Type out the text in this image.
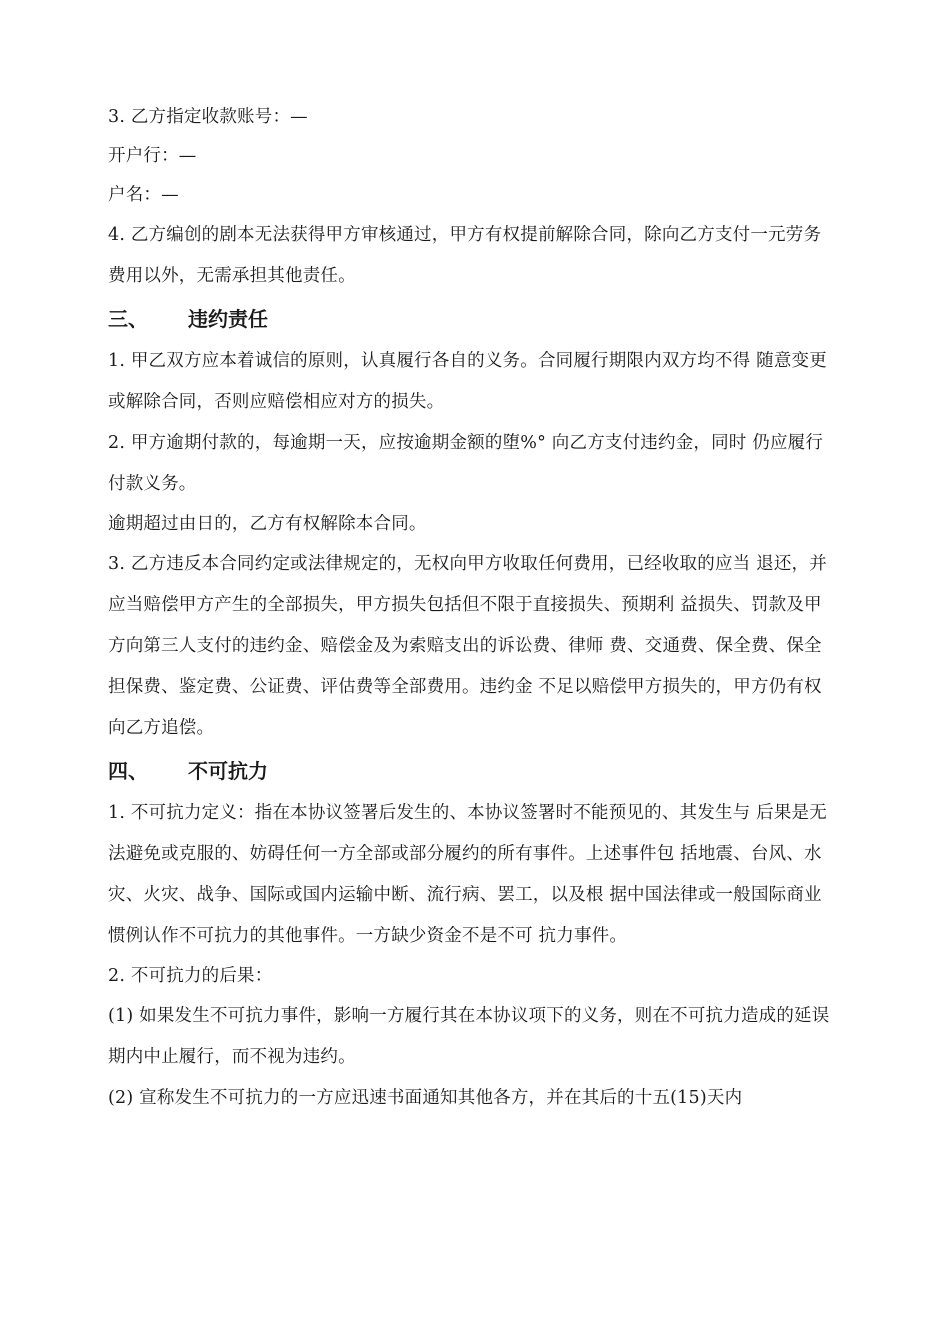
3. 乙方指定收款账号：—

开户行：—

户名：—

4. 乙方编创的剧本无法获得甲方审核通过，甲方有权提前解除合同，除向乙方支付一元劳务费用以外，无需承担其他责任。

三、	违约责任

1. 甲乙双方应本着诚信的原则，认真履行各自的义务。合同履行期限内双方均不得 随意变更或解除合同，否则应赔偿相应对方的损失。

2. 甲方逾期付款的，每逾期一天，应按逾期金额的堕%° 向乙方支付违约金，同时 仍应履行付款义务。

逾期超过由日的，乙方有权解除本合同。

3. 乙方违反本合同约定或法律规定的，无权向甲方收取任何费用，已经收取的应当 退还，并应当赔偿甲方产生的全部损失，甲方损失包括但不限于直接损失、预期利 益损失、罚款及甲方向第三人支付的违约金、赔偿金及为索赔支出的诉讼费、律师 费、交通费、保全费、保全担保费、鉴定费、公证费、评估费等全部费用。违约金 不足以赔偿甲方损失的，甲方仍有权向乙方追偿。

四、	不可抗力

1. 不可抗力定义：指在本协议签署后发生的、本协议签署时不能预见的、其发生与 后果是无法避免或克服的、妨碍任何一方全部或部分履约的所有事件。上述事件包 括地震、台风、水灾、火灾、战争、国际或国内运输中断、流行病、罢工，以及根 据中国法律或一般国际商业惯例认作不可抗力的其他事件。一方缺少资金不是不可 抗力事件。

2. 不可抗力的后果：

(1) 如果发生不可抗力事件，影响一方履行其在本协议项下的义务，则在不可抗力造成的延误期内中止履行，而不视为违约。

(2) 宣称发生不可抗力的一方应迅速书面通知其他各方，并在其后的十五(15)天内
